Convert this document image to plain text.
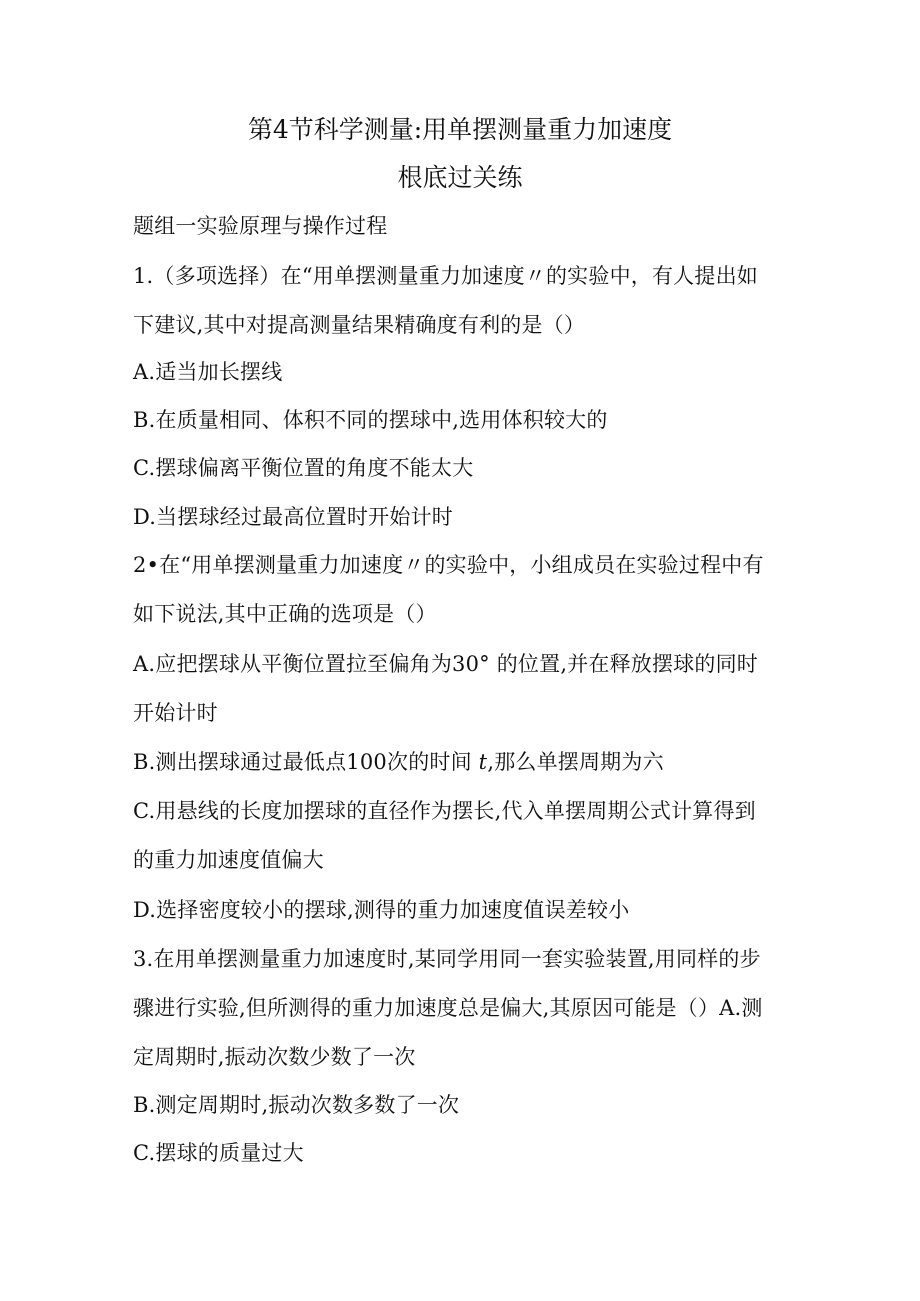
第4节科学测量:用单摆测量重力加速度
根底过关练
题组一实验原理与操作过程
1.（多项选择）在“用单摆测量重力加速度〃的实验中，有人提出如
下建议,其中对提高测量结果精确度有利的是（）
A.适当加长摆线
B.在质量相同、体积不同的摆球中,选用体积较大的
C.摆球偏离平衡位置的角度不能太大
D.当摆球经过最高位置时开始计时
2•在“用单摆测量重力加速度〃的实验中，小组成员在实验过程中有
如下说法,其中正确的选项是（）
A.应把摆球从平衡位置拉至偏角为30° 的位置,并在释放摆球的同时
开始计时
B.测出摆球通过最低点100次的时间 t,那么单摆周期为六
C.用悬线的长度加摆球的直径作为摆长,代入单摆周期公式计算得到
的重力加速度值偏大
D.选择密度较小的摆球,测得的重力加速度值误差较小
3.在用单摆测量重力加速度时,某同学用同一套实验装置,用同样的步
骤进行实验,但所测得的重力加速度总是偏大,其原因可能是（）A.测
定周期时,振动次数少数了一次
B.测定周期时,振动次数多数了一次
C.摆球的质量过大
